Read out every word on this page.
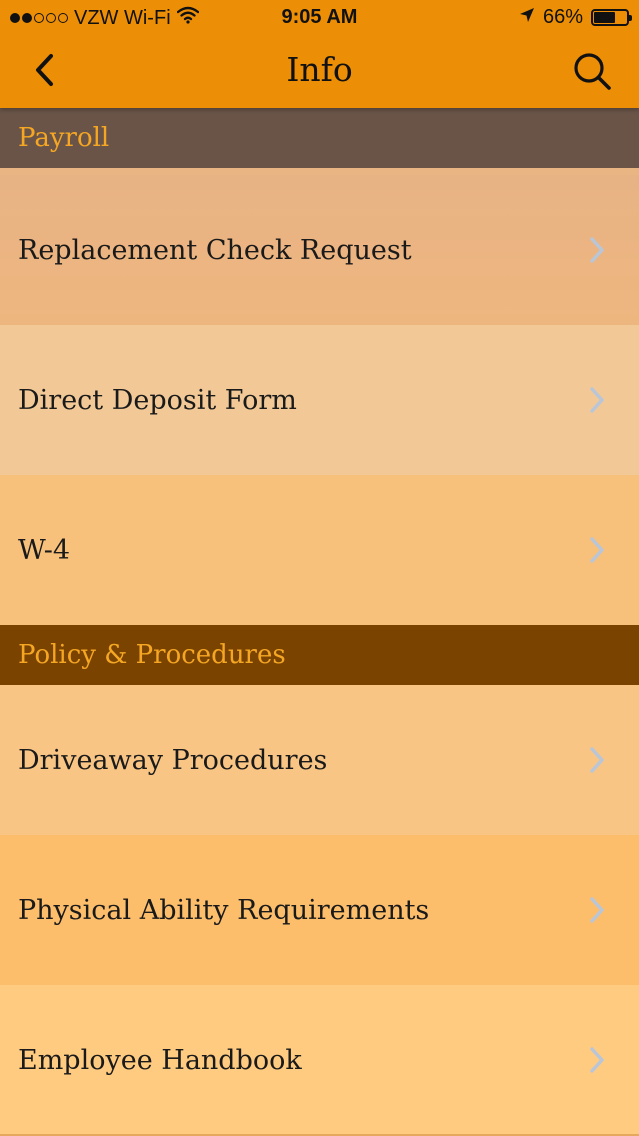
VZW Wi-Fi	9:05 AM	66%
Info
Payroll
Replacement Check Request
Direct Deposit Form
W-4
Policy & Procedures
Driveaway Procedures
Physical Ability Requirements
Employee Handbook
